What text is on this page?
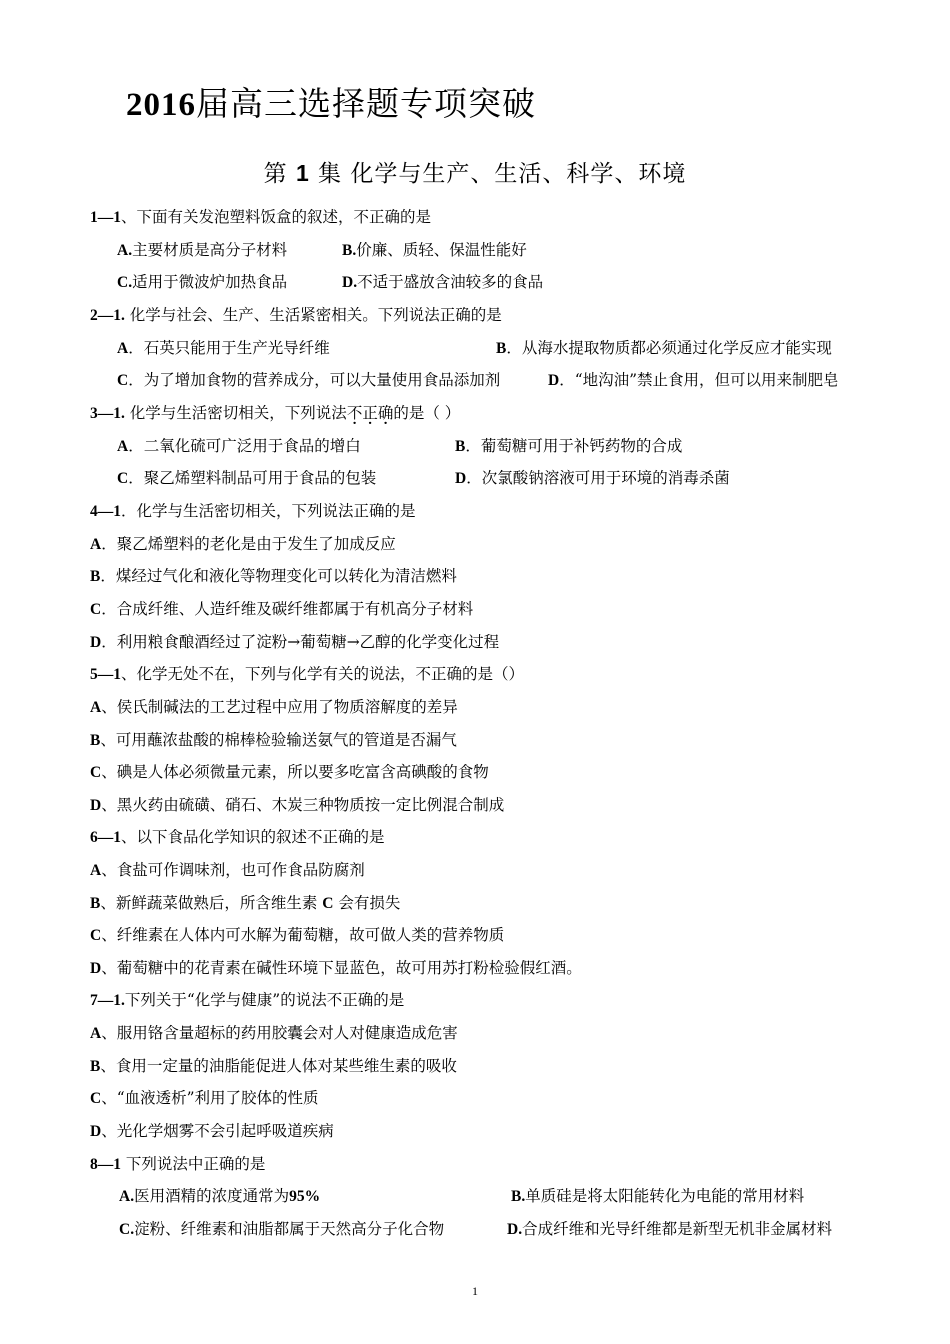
2016届高三选择题专项突破
第 1 集 化学与生产、生活、科学、环境
1—1、下面有关发泡塑料饭盒的叙述，不正确的是
A.主要材质是高分子材料	B.价廉、质轻、保温性能好
C.适用于微波炉加热食品	D.不适于盛放含油较多的食品
2—1. 化学与社会、生产、生活紧密相关。下列说法正确的是
A．石英只能用于生产光导纤维	B．从海水提取物质都必须通过化学反应才能实现
C．为了增加食物的营养成分，可以大量使用食品添加剂	D．“地沟油”禁止食用，但可以用来制肥皂
3—1. 化学与生活密切相关，下列说法不正确的是（ ）
A．二氧化硫可广泛用于食品的增白	B．葡萄糖可用于补钙药物的合成
C．聚乙烯塑料制品可用于食品的包装	D．次氯酸钠溶液可用于环境的消毒杀菌
4—1．化学与生活密切相关，下列说法正确的是
A．聚乙烯塑料的老化是由于发生了加成反应
B．煤经过气化和液化等物理变化可以转化为清洁燃料
C．合成纤维、人造纤维及碳纤维都属于有机高分子材料
D．利用粮食酿酒经过了淀粉→葡萄糖→乙醇的化学变化过程
5—1、化学无处不在，下列与化学有关的说法，不正确的是（）
A、侯氏制碱法的工艺过程中应用了物质溶解度的差异
B、可用蘸浓盐酸的棉棒检验输送氨气的管道是否漏气
C、碘是人体必须微量元素，所以要多吃富含高碘酸的食物
D、黑火药由硫磺、硝石、木炭三种物质按一定比例混合制成
6—1、以下食品化学知识的叙述不正确的是
A、食盐可作调味剂，也可作食品防腐剂
B、新鲜蔬菜做熟后，所含维生素 C 会有损失
C、纤维素在人体内可水解为葡萄糖，故可做人类的营养物质
D、葡萄糖中的花青素在碱性环境下显蓝色，故可用苏打粉检验假红酒。
7—1.下列关于“化学与健康”的说法不正确的是
A、服用铬含量超标的药用胶囊会对人对健康造成危害
B、食用一定量的油脂能促进人体对某些维生素的吸收
C、“血液透析”利用了胶体的性质
D、光化学烟雾不会引起呼吸道疾病
8—1 下列说法中正确的是
A.医用酒精的浓度通常为95%	B.单质硅是将太阳能转化为电能的常用材料
C.淀粉、纤维素和油脂都属于天然高分子化合物	D.合成纤维和光导纤维都是新型无机非金属材料
1
